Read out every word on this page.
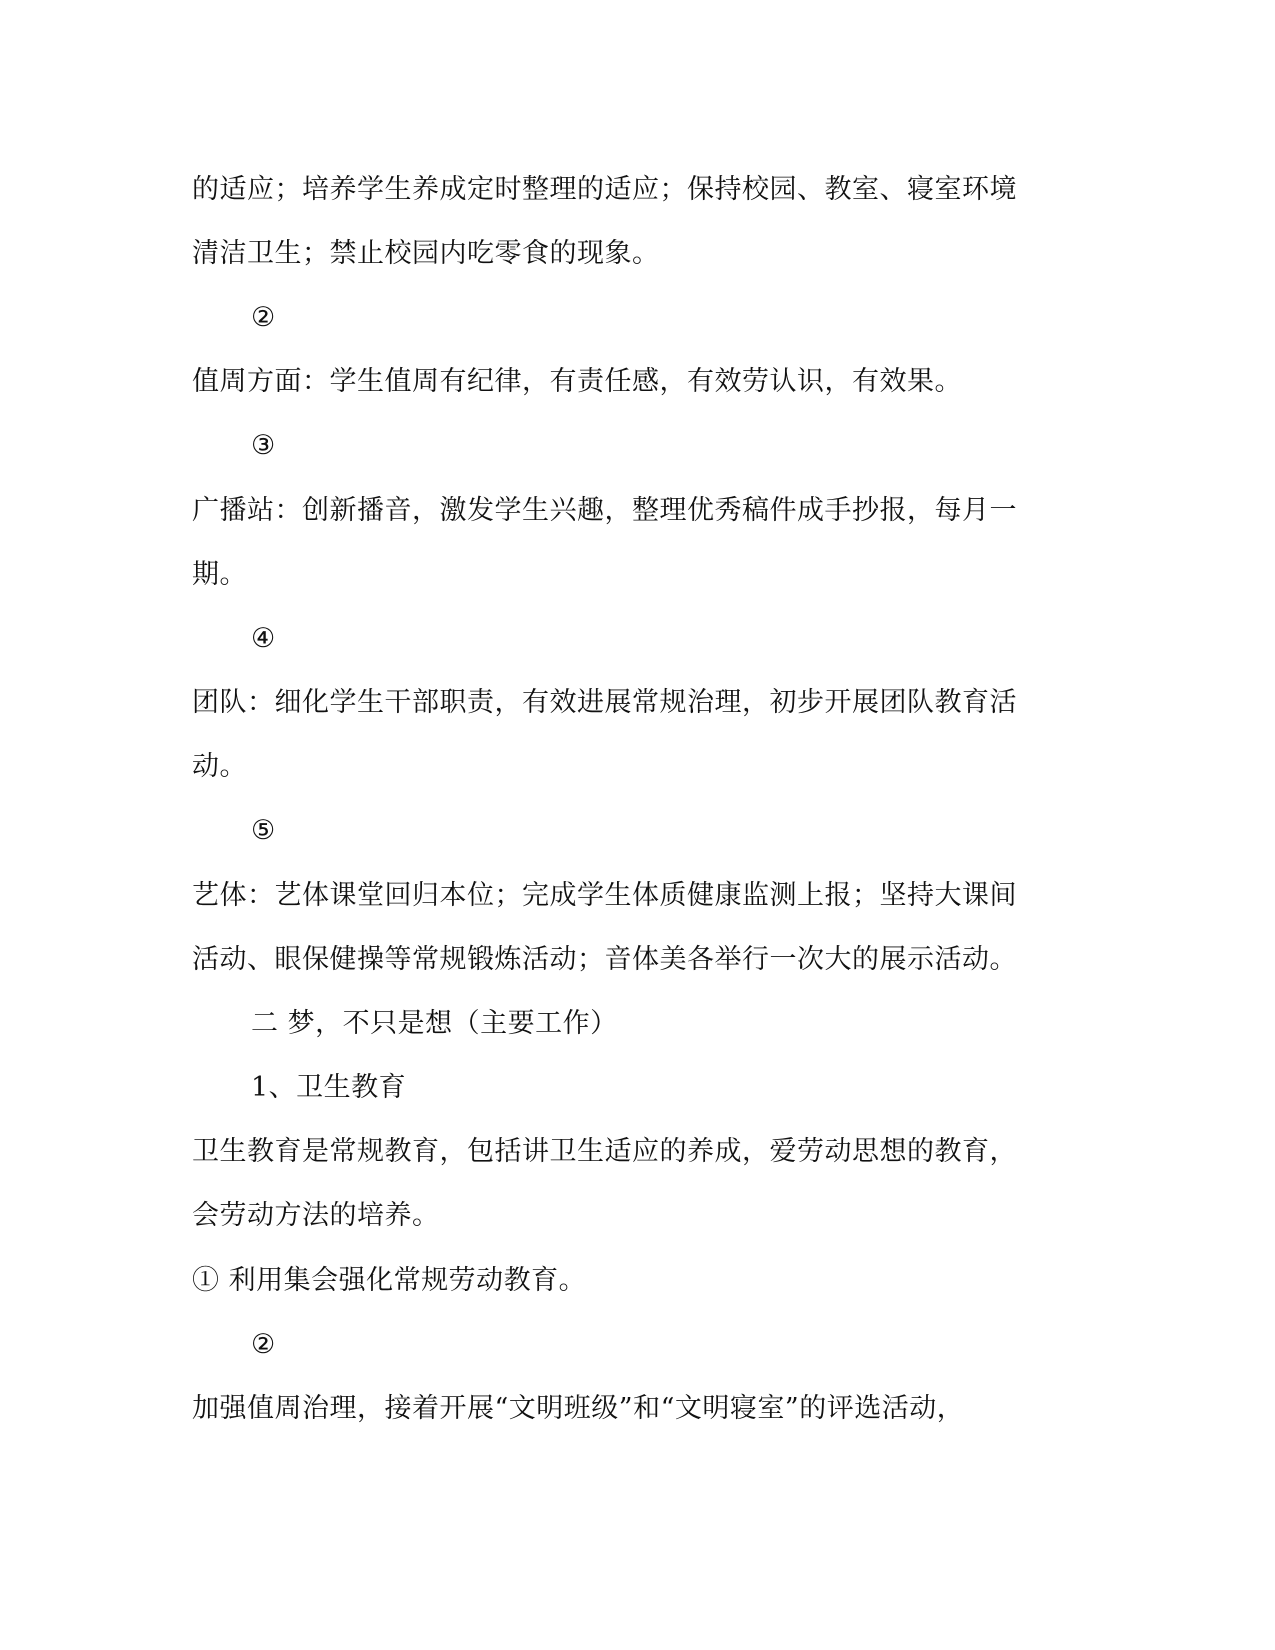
的适应；培养学生养成定时整理的适应；保持校园、教室、寝室环境
清洁卫生；禁止校园内吃零食的现象。
②
值周方面：学生值周有纪律，有责任感，有效劳认识，有效果。
③
广播站：创新播音，激发学生兴趣，整理优秀稿件成手抄报，每月一
期。
④
团队：细化学生干部职责，有效进展常规治理，初步开展团队教育活
动。
⑤
艺体：艺体课堂回归本位；完成学生体质健康监测上报；坚持大课间
活动、眼保健操等常规锻炼活动；音体美各举行一次大的展示活动。
二 梦，不只是想（主要工作）
1、卫生教育
卫生教育是常规教育，包括讲卫生适应的养成，爱劳动思想的教育，
会劳动方法的培养。
① 利用集会强化常规劳动教育。
②
加强值周治理，接着开展“文明班级”和“文明寝室”的评选活动，
